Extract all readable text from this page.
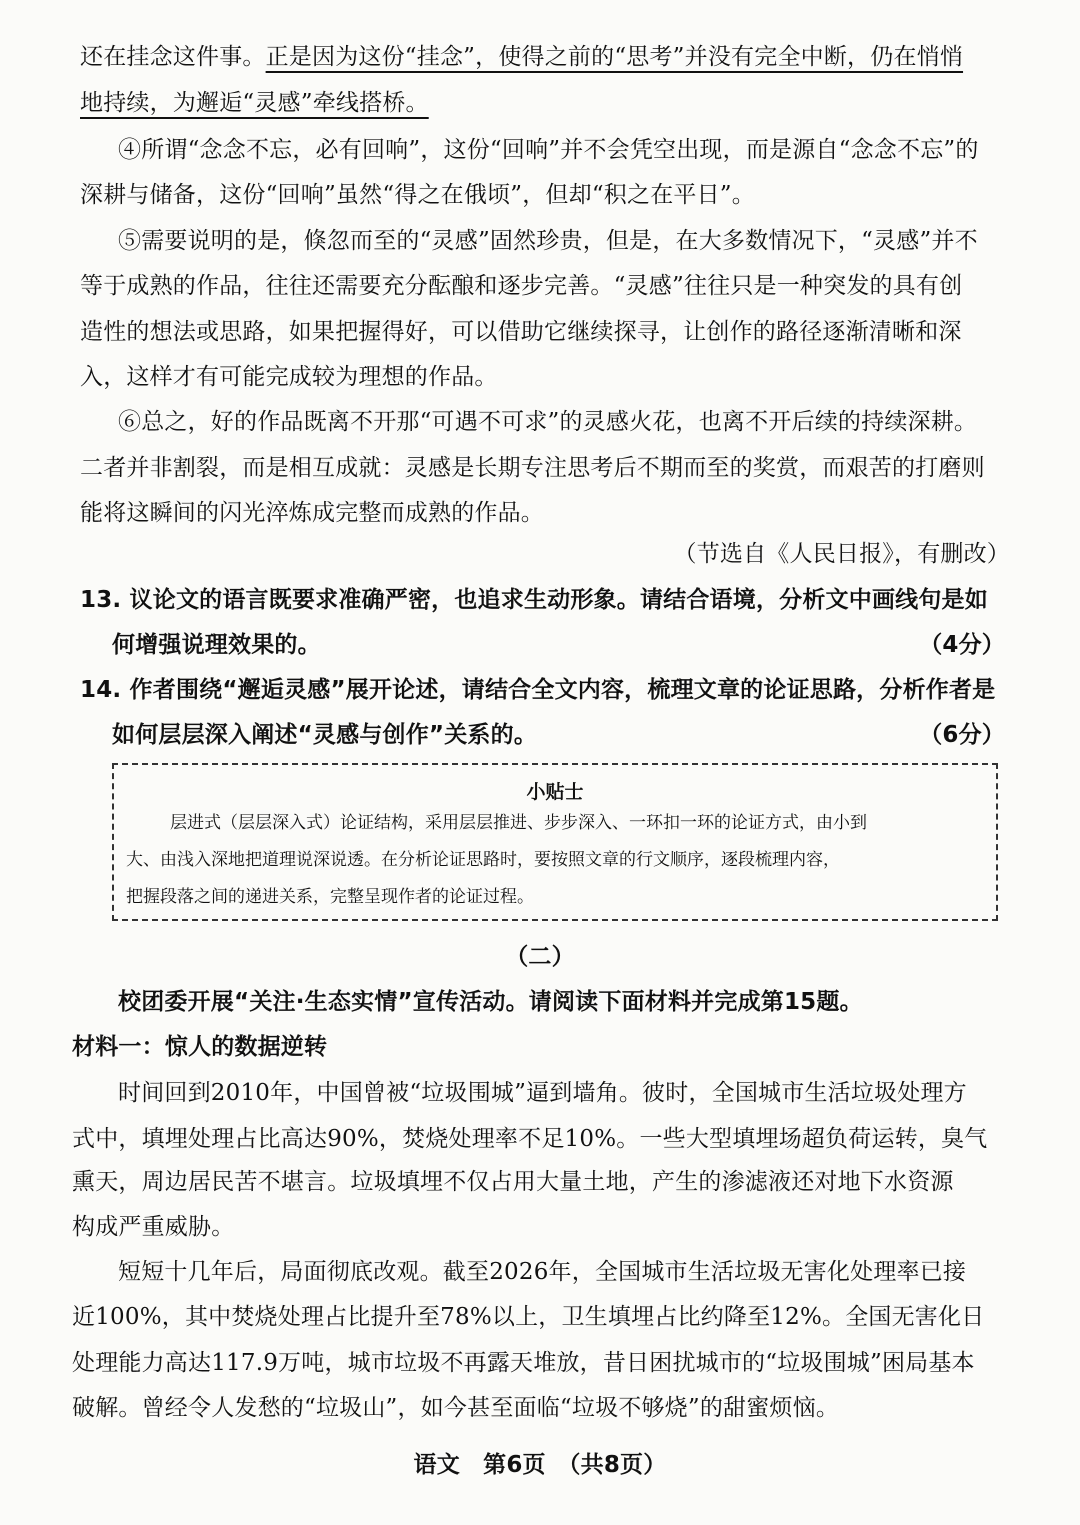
还在挂念这件事。正是因为这份“挂念”，使得之前的“思考”并没有完全中断，仍在悄悄
地持续，为邂逅“灵感”牵线搭桥。
④所谓“念念不忘，必有回响”，这份“回响”并不会凭空出现，而是源自“念念不忘”的
深耕与储备，这份“回响”虽然“得之在俄顷”，但却“积之在平日”。
⑤需要说明的是，倏忽而至的“灵感”固然珍贵，但是，在大多数情况下，“灵感”并不
等于成熟的作品，往往还需要充分酝酿和逐步完善。“灵感”往往只是一种突发的具有创
造性的想法或思路，如果把握得好，可以借助它继续探寻，让创作的路径逐渐清晰和深
入，这样才有可能完成较为理想的作品。
⑥总之，好的作品既离不开那“可遇不可求”的灵感火花，也离不开后续的持续深耕。
二者并非割裂，而是相互成就：灵感是长期专注思考后不期而至的奖赏，而艰苦的打磨则
能将这瞬间的闪光淬炼成完整而成熟的作品。
（节选自《人民日报》，有删改）
13. 议论文的语言既要求准确严密，也追求生动形象。请结合语境，分析文中画线句是如
何增强说理效果的。	（4分）
14. 作者围绕“邂逅灵感”展开论述，请结合全文内容，梳理文章的论证思路，分析作者是
如何层层深入阐述“灵感与创作”关系的。	（6分）
小贴士
层进式（层层深入式）论证结构，采用层层推进、步步深入、一环扣一环的论证方式，由小到
大、由浅入深地把道理说深说透。在分析论证思路时，要按照文章的行文顺序，逐段梳理内容，
把握段落之间的递进关系，完整呈现作者的论证过程。
（二）
校团委开展“关注·生态实情”宣传活动。请阅读下面材料并完成第15题。
材料一：惊人的数据逆转
时间回到2010年，中国曾被“垃圾围城”逼到墙角。彼时，全国城市生活垃圾处理方
式中，填埋处理占比高达90%，焚烧处理率不足10%。一些大型填埋场超负荷运转，臭气
熏天，周边居民苦不堪言。垃圾填埋不仅占用大量土地，产生的渗滤液还对地下水资源
构成严重威胁。
短短十几年后，局面彻底改观。截至2026年，全国城市生活垃圾无害化处理率已接
近100%，其中焚烧处理占比提升至78%以上，卫生填埋占比约降至12%。全国无害化日
处理能力高达117.9万吨，城市垃圾不再露天堆放，昔日困扰城市的“垃圾围城”困局基本
破解。曾经令人发愁的“垃圾山”，如今甚至面临“垃圾不够烧”的甜蜜烦恼。
语文　第6页　（共8页）
